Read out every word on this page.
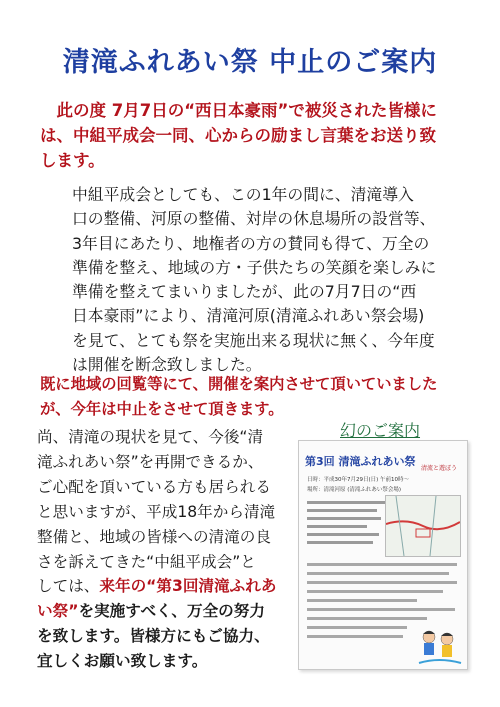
清滝ふれあい祭 中止のご案内
　此の度 7月7日の“西日本豪雨”で被災された皆様に
は、中組平成会一同、心からの励まし言葉をお送り致
します。
中組平成会としても、この1年の間に、清滝導入
口の整備、河原の整備、対岸の休息場所の設営等、
3年目にあたり、地権者の方の賛同も得て、万全の
準備を整え、地域の方・子供たちの笑顔を楽しみに
準備を整えてまいりましたが、此の7月7日の“西
日本豪雨”により、清滝河原(清滝ふれあい祭会場)
を見て、とても祭を実施出来る現状に無く、今年度
は開催を断念致しました。
既に地域の回覧等にて、開催を案内させて頂いていました
が、今年は中止をさせて頂きます。
尚、清滝の現状を見て、今後“清
滝ふれあい祭”を再開できるか、
ご心配を頂いている方も居られる
と思いますが、平成18年から清滝
整備と、地域の皆様への清滝の良
さを訴えてきた“中組平成会”と
しては、来年の“第3回清滝ふれあ
い祭”を実施すべく、万全の努力
を致します。皆様方にもご協力、
宜しくお願い致します。
幻のご案内
第3回 清滝ふれあい祭
清流と遊ぼう
日時：平成30年7月29日(日) 午前10時～
場所：清滝河原 (清滝ふれあい祭会場)
